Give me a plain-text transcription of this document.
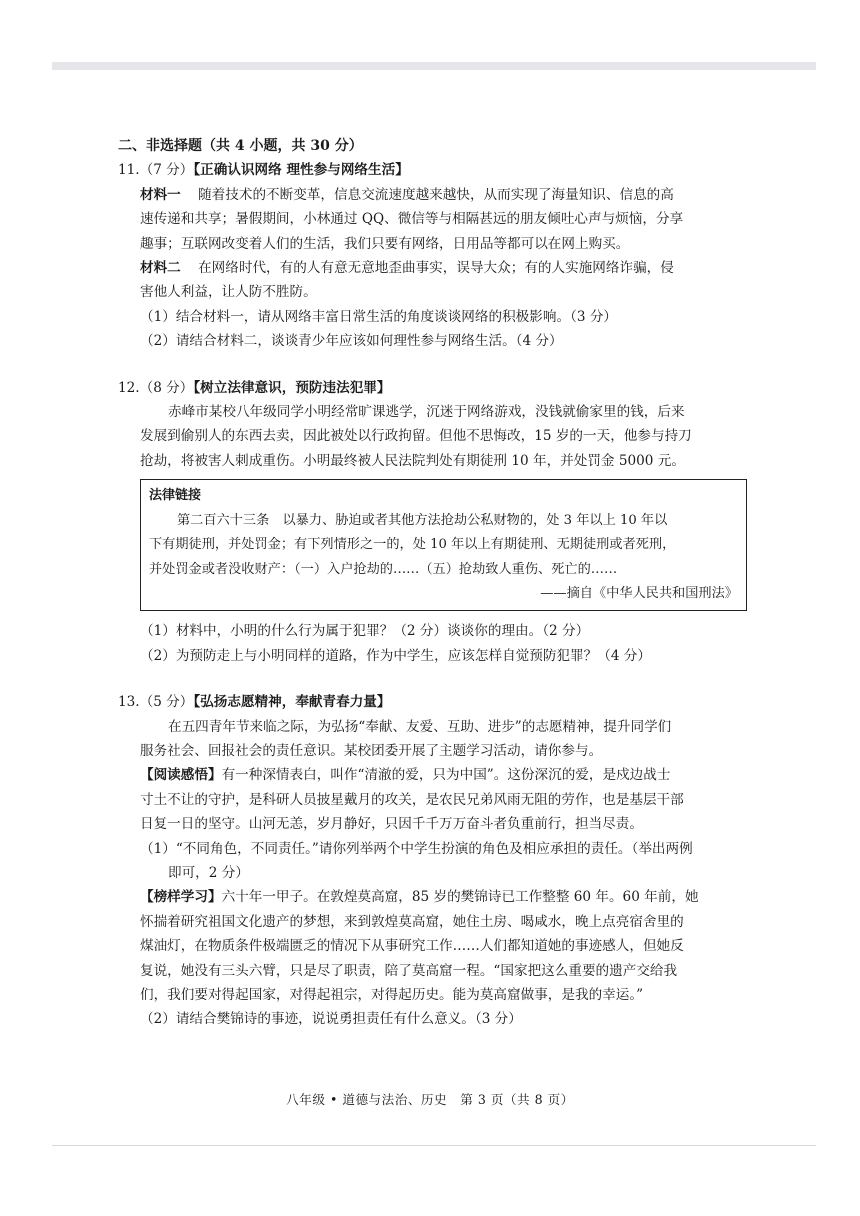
二、非选择题（共 4 小题，共 30 分）
11.（7 分）【正确认识网络 理性参与网络生活】
材料一 随着技术的不断变革，信息交流速度越来越快，从而实现了海量知识、信息的高
速传递和共享；暑假期间，小林通过 QQ、微信等与相隔甚远的朋友倾吐心声与烦恼，分享
趣事；互联网改变着人们的生活，我们只要有网络，日用品等都可以在网上购买。
材料二 在网络时代，有的人有意无意地歪曲事实，误导大众；有的人实施网络诈骗，侵
害他人利益，让人防不胜防。
（1）结合材料一，请从网络丰富日常生活的角度谈谈网络的积极影响。（3 分）
（2）请结合材料二，谈谈青少年应该如何理性参与网络生活。（4 分）
12.（8 分）【树立法律意识，预防违法犯罪】
赤峰市某校八年级同学小明经常旷课逃学，沉迷于网络游戏，没钱就偷家里的钱，后来
发展到偷别人的东西去卖，因此被处以行政拘留。但他不思悔改，15 岁的一天，他参与持刀
抢劫，将被害人刺成重伤。小明最终被人民法院判处有期徒刑 10 年，并处罚金 5000 元。
法律链接
第二百六十三条　以暴力、胁迫或者其他方法抢劫公私财物的，处 3 年以上 10 年以
下有期徒刑，并处罚金；有下列情形之一的，处 10 年以上有期徒刑、无期徒刑或者死刑，
并处罚金或者没收财产：（一）入户抢劫的……（五）抢劫致人重伤、死亡的……
——摘自《中华人民共和国刑法》
（1）材料中，小明的什么行为属于犯罪？（2 分）谈谈你的理由。（2 分）
（2）为预防走上与小明同样的道路，作为中学生，应该怎样自觉预防犯罪？（4 分）
13.（5 分）【弘扬志愿精神，奉献青春力量】
在五四青年节来临之际，为弘扬“奉献、友爱、互助、进步”的志愿精神，提升同学们
服务社会、回报社会的责任意识。某校团委开展了主题学习活动，请你参与。
【阅读感悟】有一种深情表白，叫作“清澈的爱，只为中国”。这份深沉的爱，是戍边战士
寸土不让的守护，是科研人员披星戴月的攻关，是农民兄弟风雨无阻的劳作，也是基层干部
日复一日的坚守。山河无恙，岁月静好，只因千千万万奋斗者负重前行，担当尽责。
（1）“不同角色，不同责任。”请你列举两个中学生扮演的角色及相应承担的责任。（举出两例
即可，2 分）
【榜样学习】六十年一甲子。在敦煌莫高窟，85 岁的樊锦诗已工作整整 60 年。60 年前，她
怀揣着研究祖国文化遗产的梦想，来到敦煌莫高窟，她住土房、喝咸水，晚上点亮宿舍里的
煤油灯，在物质条件极端匮乏的情况下从事研究工作……人们都知道她的事迹感人，但她反
复说，她没有三头六臂，只是尽了职责，陪了莫高窟一程。“国家把这么重要的遗产交给我
们，我们要对得起国家，对得起祖宗，对得起历史。能为莫高窟做事，是我的幸运。”
（2）请结合樊锦诗的事迹，说说勇担责任有什么意义。（3 分）
八年级 • 道德与法治、历史　第 3 页（共 8 页）
